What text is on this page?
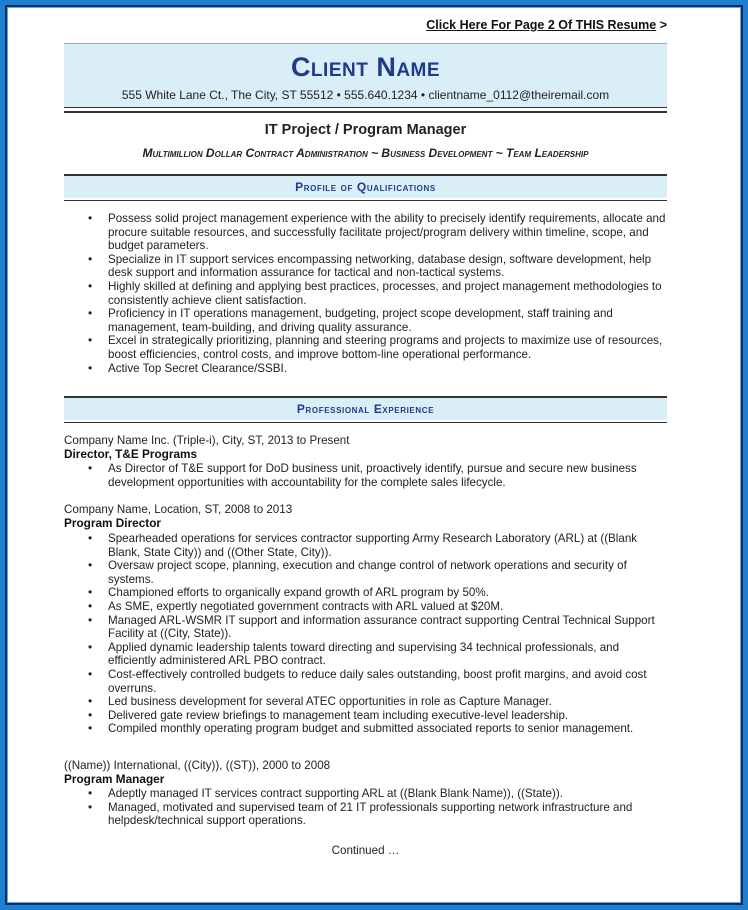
Click Here For Page 2 Of THIS Resume >
Client Name
555 White Lane Ct., The City, ST 55512 • 555.640.1234 • clientname_0112@theiremail.com
IT Project / Program Manager
Multimillion Dollar Contract Administration ~ Business Development ~ Team Leadership
Profile of Qualifications
• Possess solid project management experience with the ability to precisely identify requirements, allocate and procure suitable resources, and successfully facilitate project/program delivery within timeline, scope, and budget parameters.
• Specialize in IT support services encompassing networking, database design, software development, help desk support and information assurance for tactical and non-tactical systems.
• Highly skilled at defining and applying best practices, processes, and project management methodologies to consistently achieve client satisfaction.
• Proficiency in IT operations management, budgeting, project scope development, staff training and management, team-building, and driving quality assurance.
• Excel in strategically prioritizing, planning and steering programs and projects to maximize use of resources, boost efficiencies, control costs, and improve bottom-line operational performance.
• Active Top Secret Clearance/SSBI.
Professional Experience
Company Name Inc. (Triple-i), City, ST, 2013 to Present
Director, T&E Programs
• As Director of T&E support for DoD business unit, proactively identify, pursue and secure new business development opportunities with accountability for the complete sales lifecycle.
Company Name, Location, ST, 2008 to 2013
Program Director
• Spearheaded operations for services contractor supporting Army Research Laboratory (ARL) at ((Blank Blank, State City)) and ((Other State, City)).
• Oversaw project scope, planning, execution and change control of network operations and security of systems.
• Championed efforts to organically expand growth of ARL program by 50%.
• As SME, expertly negotiated government contracts with ARL valued at $20M.
• Managed ARL-WSMR IT support and information assurance contract supporting Central Technical Support Facility at ((City, State)).
• Applied dynamic leadership talents toward directing and supervising 34 technical professionals, and efficiently administered ARL PBO contract.
• Cost-effectively controlled budgets to reduce daily sales outstanding, boost profit margins, and avoid cost overruns.
• Led business development for several ATEC opportunities in role as Capture Manager.
• Delivered gate review briefings to management team including executive-level leadership.
• Compiled monthly operating program budget and submitted associated reports to senior management.
((Name)) International, ((City)), ((ST)), 2000 to 2008
Program Manager
• Adeptly managed IT services contract supporting ARL at ((Blank Blank Name)), ((State)).
• Managed, motivated and supervised team of 21 IT professionals supporting network infrastructure and helpdesk/technical support operations.
Continued …
